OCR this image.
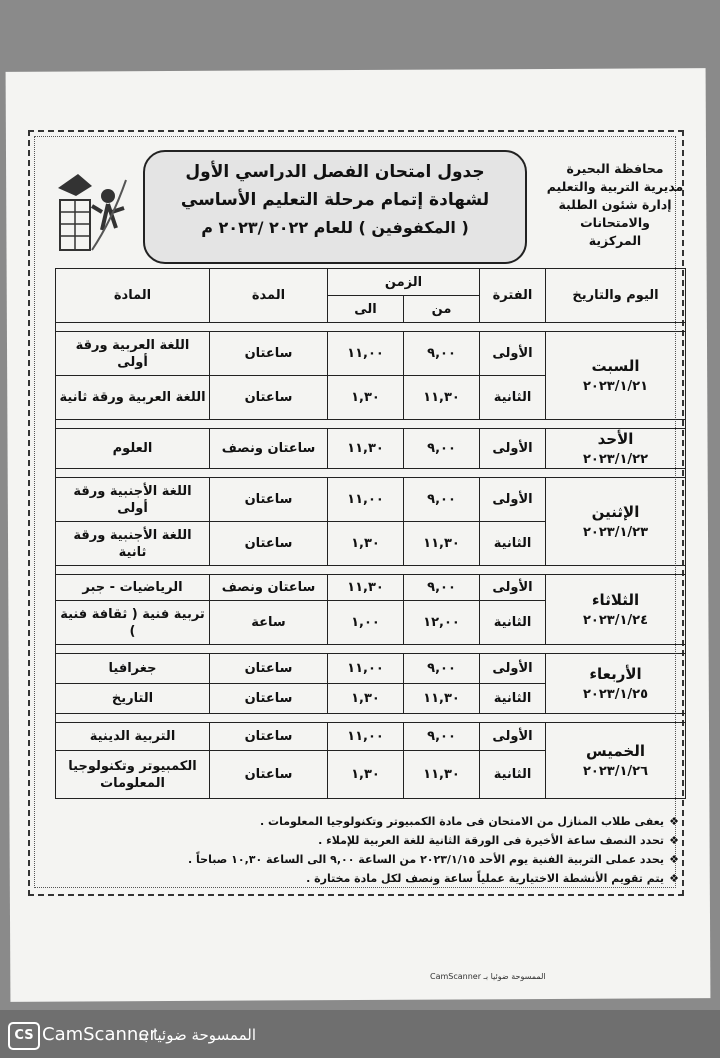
محافظة البحيرة
مديرية التربية والتعليم
إدارة شئون الطلبة والامتحانات
المركزية
جدول امتحان الفصل الدراسي الأول
لشهادة إتمام مرحلة التعليم الأساسي
( المكفوفين ) للعام ٢٠٢٢ /٢٠٢٣ م
اليوم والتاريخ	الفترة	الزمن		المدة	المادة
		من	الى		

السبت
٢٠٢٣/١/٢١	الأولى	٩,٠٠	١١,٠٠	ساعتان	اللغة العربية ورقة أولى
	الثانية	١١,٣٠	١,٣٠	ساعتان	اللغة العربية ورقة ثانية

الأحد
٢٠٢٣/١/٢٢	الأولى	٩,٠٠	١١,٣٠	ساعتان ونصف	العلوم

الإثنين
٢٠٢٣/١/٢٣	الأولى	٩,٠٠	١١,٠٠	ساعتان	اللغة الأجنبية ورقة أولى
	الثانية	١١,٣٠	١,٣٠	ساعتان	اللغة الأجنبية ورقة ثانية

الثلاثاء
٢٠٢٣/١/٢٤	الأولى	٩,٠٠	١١,٣٠	ساعتان ونصف	الرياضيات - جبر
	الثانية	١٢,٠٠	١,٠٠	ساعة	تربية فنية ( ثقافة فنية )

الأربعاء
٢٠٢٣/١/٢٥	الأولى	٩,٠٠	١١,٠٠	ساعتان	جغرافيا
	الثانية	١١,٣٠	١,٣٠	ساعتان	التاريخ

الخميس
٢٠٢٣/١/٢٦	الأولى	٩,٠٠	١١,٠٠	ساعتان	التربية الدينية
	الثانية	١١,٣٠	١,٣٠	ساعتان	الكمبيوتر وتكنولوجيا المعلومات
❖
يعفى طلاب المنازل من الامتحان فى مادة الكمبيوتر وتكنولوجيا المعلومات .
❖
تحدد النصف ساعة الأخيرة فى الورقة الثانية للغة العربية للإملاء .
❖
يحدد عملى التربية الفنية يوم الأحد ٢٠٢٣/١/١٥ من الساعة ٩,٠٠ الى الساعة ١٠,٣٠ صباحاً .
❖
يتم تقويم الأنشطة الاختيارية عملياً ساعة ونصف لكل مادة مختارة .
الممسوحة ضوئيا بـ CamScanner
CS CamScanner
الممسوحة ضوئيا بـ
